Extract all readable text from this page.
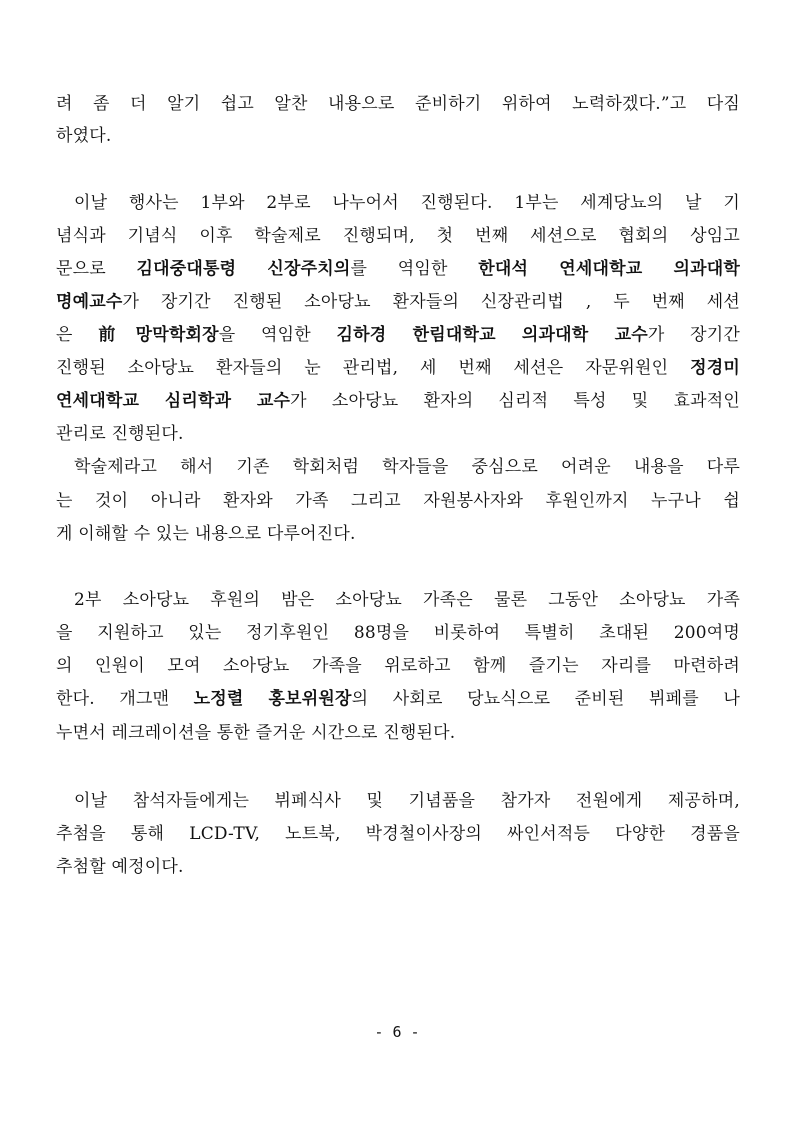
려 좀 더 알기 쉽고 알찬 내용으로 준비하기 위하여 노력하겠다.”고 다짐
하였다.
이날 행사는 1부와 2부로 나누어서 진행된다. 1부는 세계당뇨의 날 기
념식과 기념식 이후 학술제로 진행되며, 첫 번째 세션으로 협회의 상임고
문으로 김대중대통령 신장주치의를 역임한 한대석 연세대학교 의과대학
명예교수가 장기간 진행된 소아당뇨 환자들의 신장관리법 , 두 번째 세션
은 前망막학회장을 역임한 김하경 한림대학교 의과대학 교수가 장기간
진행된 소아당뇨 환자들의 눈 관리법, 세 번째 세션은 자문위원인 정경미
연세대학교 심리학과 교수가 소아당뇨 환자의 심리적 특성 및 효과적인
관리로 진행된다.
학술제라고 해서 기존 학회처럼 학자들을 중심으로 어려운 내용을 다루
는 것이 아니라 환자와 가족 그리고 자원봉사자와 후원인까지 누구나 쉽
게 이해할 수 있는 내용으로 다루어진다.
2부 소아당뇨 후원의 밤은 소아당뇨 가족은 물론 그동안 소아당뇨 가족
을 지원하고 있는 정기후원인 88명을 비롯하여 특별히 초대된 200여명
의 인원이 모여 소아당뇨 가족을 위로하고 함께 즐기는 자리를 마련하려
한다. 개그맨 노정렬 홍보위원장의 사회로 당뇨식으로 준비된 뷔페를 나
누면서 레크레이션을 통한 즐거운 시간으로 진행된다.
이날 참석자들에게는 뷔페식사 및 기념품을 참가자 전원에게 제공하며,
추첨을 통해 LCD-TV, 노트북, 박경철이사장의 싸인서적등 다양한 경품을
추첨할 예정이다.
- 6 -
